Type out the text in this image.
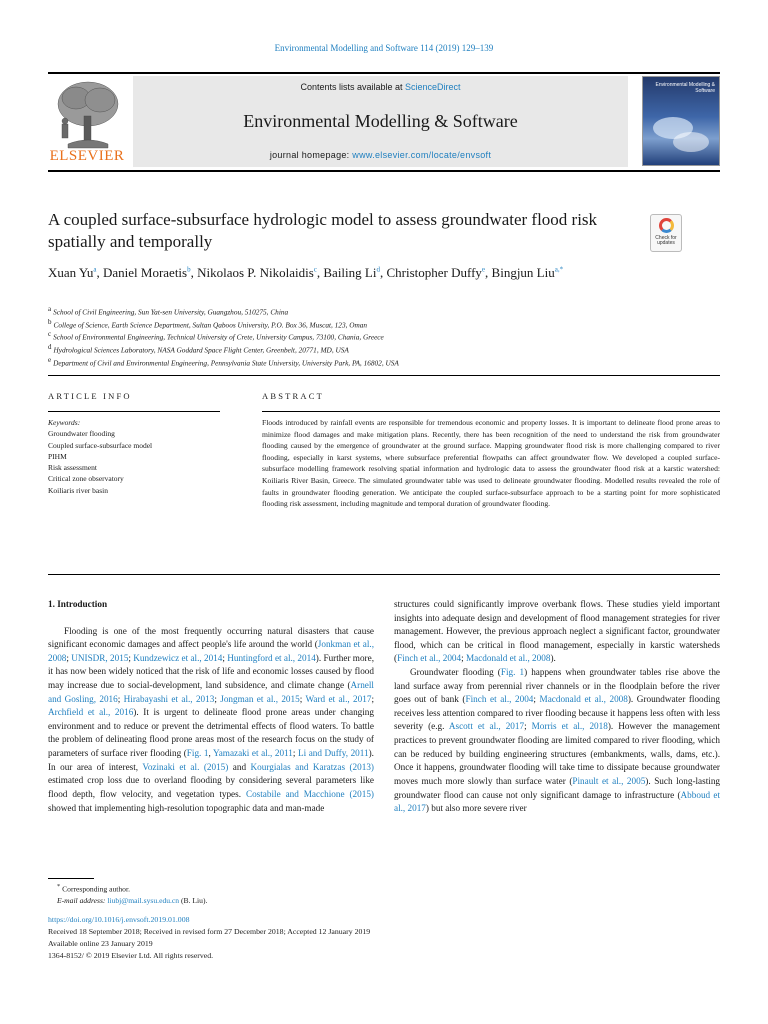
Environmental Modelling and Software 114 (2019) 129–139
ELSEVIER
Contents lists available at ScienceDirect
Environmental Modelling & Software
journal homepage: www.elsevier.com/locate/envsoft
Environmental Modelling & Software
A coupled surface-subsurface hydrologic model to assess groundwater flood risk spatially and temporally	Check for updates
Xuan Yu$^a$, Daniel Moraetis$^b$, Nikolaos P. Nikolaidis$^c$, Bailing Li$^d$, Christopher Duffy$^e$, Bingjun Liu$^{a,*}$
$^a$ School of Civil Engineering, Sun Yat-sen University, Guangzhou, 510275, China
$^b$ College of Science, Earth Science Department, Sultan Qaboos University, P.O. Box 36, Muscat, 123, Oman
$^c$ School of Environmental Engineering, Technical University of Crete, University Campus, 73100, Chania, Greece
$^d$ Hydrological Sciences Laboratory, NASA Goddard Space Flight Center, Greenbelt, 20771, MD, USA
$^e$ Department of Civil and Environmental Engineering, Pennsylvania State University, University Park, PA, 16802, USA
ARTICLE INFO	ABSTRACT
Keywords:
Groundwater flooding
Coupled surface-subsurface model
PIHM
Risk assessment
Critical zone observatory
Koiliaris river basin
Floods introduced by rainfall events are responsible for tremendous economic and property losses. It is important to delineate flood prone areas to minimize flood damages and make mitigation plans. Recently, there has been recognition of the need to understand the risk from groundwater flooding caused by the emergence of groundwater at the ground surface. Mapping groundwater flood risk is more challenging compared to river flooding, especially in karst systems, where subsurface preferential flowpaths can affect groundwater flow. We developed a coupled surface-subsurface modelling framework resolving spatial information and hydrologic data to assess the groundwater flood risk at a karstic watershed: Koiliaris River Basin, Greece. The simulated groundwater table was used to delineate groundwater flooding. Modelled results revealed the role of faults in groundwater flooding generation. We anticipate the coupled surface-subsurface approach to be a starting point for more sophisticated flooding risk assessment, including magnitude and temporal duration of groundwater flooding.
1. Introduction

Flooding is one of the most frequently occurring natural disasters that cause significant economic damages and affect people's life around the world (Jonkman et al., 2008; UNISDR, 2015; Kundzewicz et al., 2014; Huntingford et al., 2014). Further more, it has now been widely noticed that the risk of life and economic losses caused by flood may increase due to social-development, land subsidence, and climate change (Arnell and Gosling, 2016; Hirabayashi et al., 2013; Jongman et al., 2015; Ward et al., 2017; Archfield et al., 2016). It is urgent to delineate flood prone areas under changing environment and to reduce or prevent the detrimental effects of flood waters. To battle the problem of delineating flood prone areas most of the research focus on the study of parameters of surface river flooding (Fig. 1, Yamazaki et al., 2011; Li and Duffy, 2011). In our area of interest, Vozinaki et al. (2015) and Kourgialas and Karatzas (2013) estimated crop loss due to overland flooding by considering several parameters like flood depth, flow velocity, and vegetation types. Costabile and Macchione (2015) showed that implementing high-resolution topographic data and man-made

structures could significantly improve overbank flows. These studies yield important insights into adequate design and development of flood management strategies for river management. However, the previous approach neglect a significant factor, groundwater flood, which can be critical in flood management, especially in karstic watersheds (Finch et al., 2004; Macdonald et al., 2008).

Groundwater flooding (Fig. 1) happens when groundwater tables rise above the land surface away from perennial river channels or in the floodplain before the river goes out of bank (Finch et al., 2004; Macdonald et al., 2008). Groundwater flooding receives less attention compared to river flooding because it happens less often with less severity (e.g. Ascott et al., 2017; Morris et al., 2018). However the management practices to prevent groundwater flooding are limited compared to river flooding, which can be reduced by building engineering structures (embankments, walls, dams, etc.). Once it happens, groundwater flooding will take time to dissipate because groundwater moves much more slowly than surface water (Pinault et al., 2005). Such long-lasting groundwater flood can cause not only significant damage to infrastructure (Abboud et al., 2017) but also more severe river

* Corresponding author.
E-mail address: liubj@mail.sysu.edu.cn (B. Liu).
https://doi.org/10.1016/j.envsoft.2019.01.008
Received 18 September 2018; Received in revised form 27 December 2018; Accepted 12 January 2019
Available online 23 January 2019
1364-8152/ © 2019 Elsevier Ltd. All rights reserved.
